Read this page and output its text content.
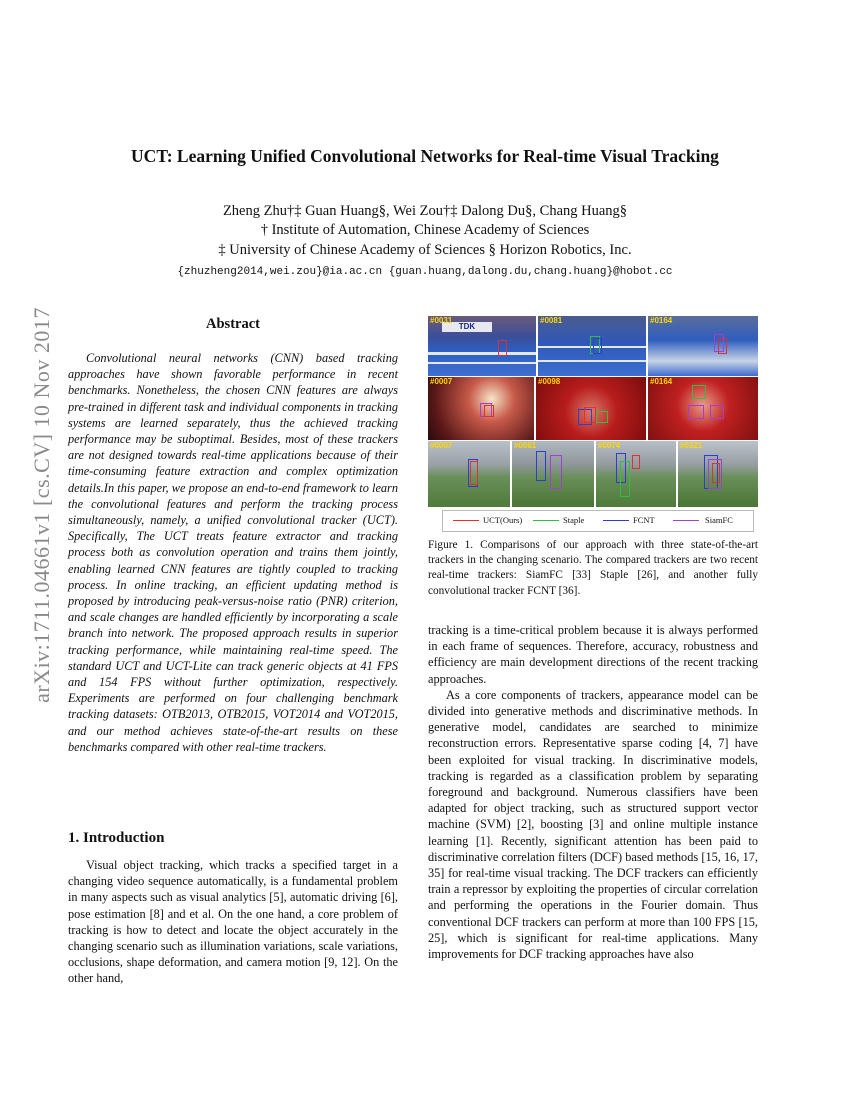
arXiv:1711.04661v1 [cs.CV] 10 Nov 2017
UCT: Learning Unified Convolutional Networks for Real-time Visual Tracking
Zheng Zhu†‡ Guan Huang§, Wei Zou†‡ Dalong Du§, Chang Huang§
† Institute of Automation, Chinese Academy of Sciences
‡ University of Chinese Academy of Sciences § Horizon Robotics, Inc.
{zhuzheng2014,wei.zou}@ia.ac.cn {guan.huang,dalong.du,chang.huang}@hobot.cc
Abstract
Convolutional neural networks (CNN) based tracking approaches have shown favorable performance in recent benchmarks. Nonetheless, the chosen CNN features are always pre-trained in different task and individual components in tracking systems are learned separately, thus the achieved tracking performance may be suboptimal. Besides, most of these trackers are not designed towards real-time applications because of their time-consuming feature extraction and complex optimization details.In this paper, we propose an end-to-end framework to learn the convolutional features and perform the tracking process simultaneously, namely, a unified convolutional tracker (UCT). Specifically, The UCT treats feature extractor and tracking process both as convolution operation and trains them jointly, enabling learned CNN features are tightly coupled to tracking process. In online tracking, an efficient updating method is proposed by introducing peak-versus-noise ratio (PNR) criterion, and scale changes are handled efficiently by incorporating a scale branch into network. The proposed approach results in superior tracking performance, while maintaining real-time speed. The standard UCT and UCT-Lite can track generic objects at 41 FPS and 154 FPS without further optimization, respectively. Experiments are performed on four challenging benchmark tracking datasets: OTB2013, OTB2015, VOT2014 and VOT2015, and our method achieves state-of-the-art results on these benchmarks compared with other real-time trackers.
1. Introduction
Visual object tracking, which tracks a specified target in a changing video sequence automatically, is a fundamental problem in many aspects such as visual analytics [5], automatic driving [6], pose estimation [8] and et al. On the one hand, a core problem of tracking is how to detect and locate the object accurately in the changing scenario such as illumination variations, scale variations, occlusions, shape deformation, and camera motion [9, 12]. On the other hand,
TDK
#0031	#0081	#0164
#0007	#0098	#0164
#0007	#0061	#0074	#0321
UCT(Ours)	Staple	FCNT	SiamFC
Figure 1. Comparisons of our approach with three state-of-the-art trackers in the changing scenario. The compared trackers are two recent real-time trackers: SiamFC [33] Staple [26], and another fully convolutional tracker FCNT [36].

tracking is a time-critical problem because it is always performed in each frame of sequences. Therefore, accuracy, robustness and efficiency are main development directions of the recent tracking approaches.

As a core components of trackers, appearance model can be divided into generative methods and discriminative methods. In generative model, candidates are searched to minimize reconstruction errors. Representative sparse coding [4, 7] have been exploited for visual tracking. In discriminative models, tracking is regarded as a classification problem by separating foreground and background. Numerous classifiers have been adapted for object tracking, such as structured support vector machine (SVM) [2], boosting [3] and online multiple instance learning [1]. Recently, significant attention has been paid to discriminative correlation filters (DCF) based methods [15, 16, 17, 35] for real-time visual tracking. The DCF trackers can efficiently train a repressor by exploiting the properties of circular correlation and performing the operations in the Fourier domain. Thus conventional DCF trackers can perform at more than 100 FPS [15, 25], which is significant for real-time applications. Many improvements for DCF tracking approaches have also
